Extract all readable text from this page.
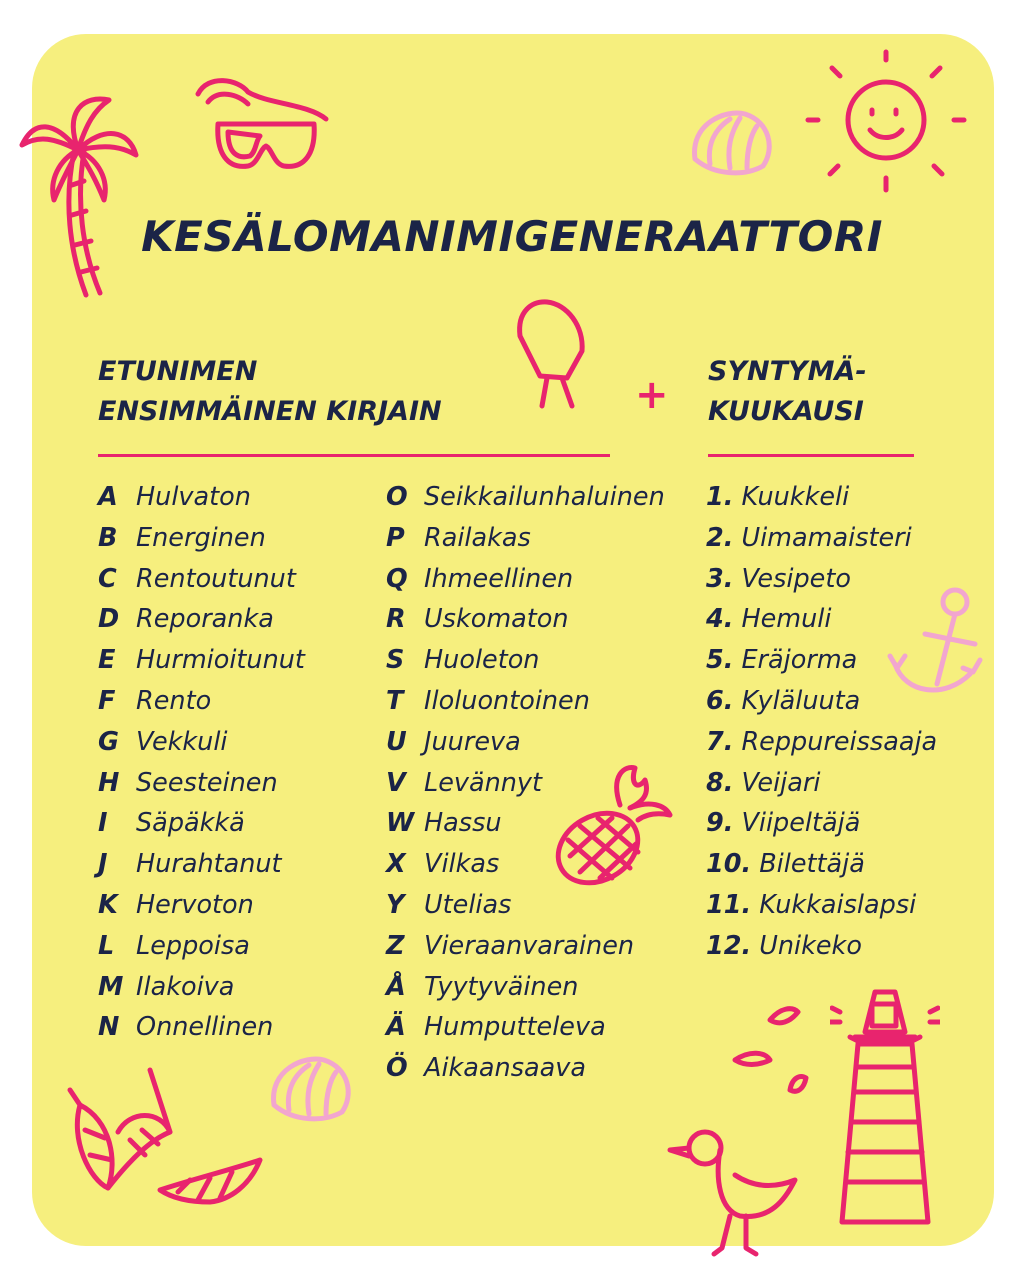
KESÄLOMANIMIGENERAATTORI
ETUNIMEN
ENSIMMÄINEN KIRJAIN	+
SYNTYMÄ-
KUUKAUSI
A Hulvaton
B Energinen
C Rentoutunut
D Reporanka
E Hurmioitunut
F Rento
G Vekkuli
H Seesteinen
I Säpäkkä
J Hurahtanut
K Hervoton
L Leppoisa
M Ilakoiva
N Onnellinen
O Seikkailunhaluinen
P Railakas
Q Ihmeellinen
R Uskomaton
S Huoleton
T Iloluontoinen
U Juureva
V Levännyt
W Hassu
X Vilkas
Y Utelias
Z Vieraanvarainen
Å Tyytyväinen
Ä Humputteleva
Ö Aikaansaava
1. Kuukkeli
2. Uimamaisteri
3. Vesipeto
4. Hemuli
5. Eräjorma
6. Kyläluuta
7. Reppureissaaja
8. Veijari
9. Viipeltäjä
10. Bilettäjä
11. Kukkaislapsi
12. Unikeko
